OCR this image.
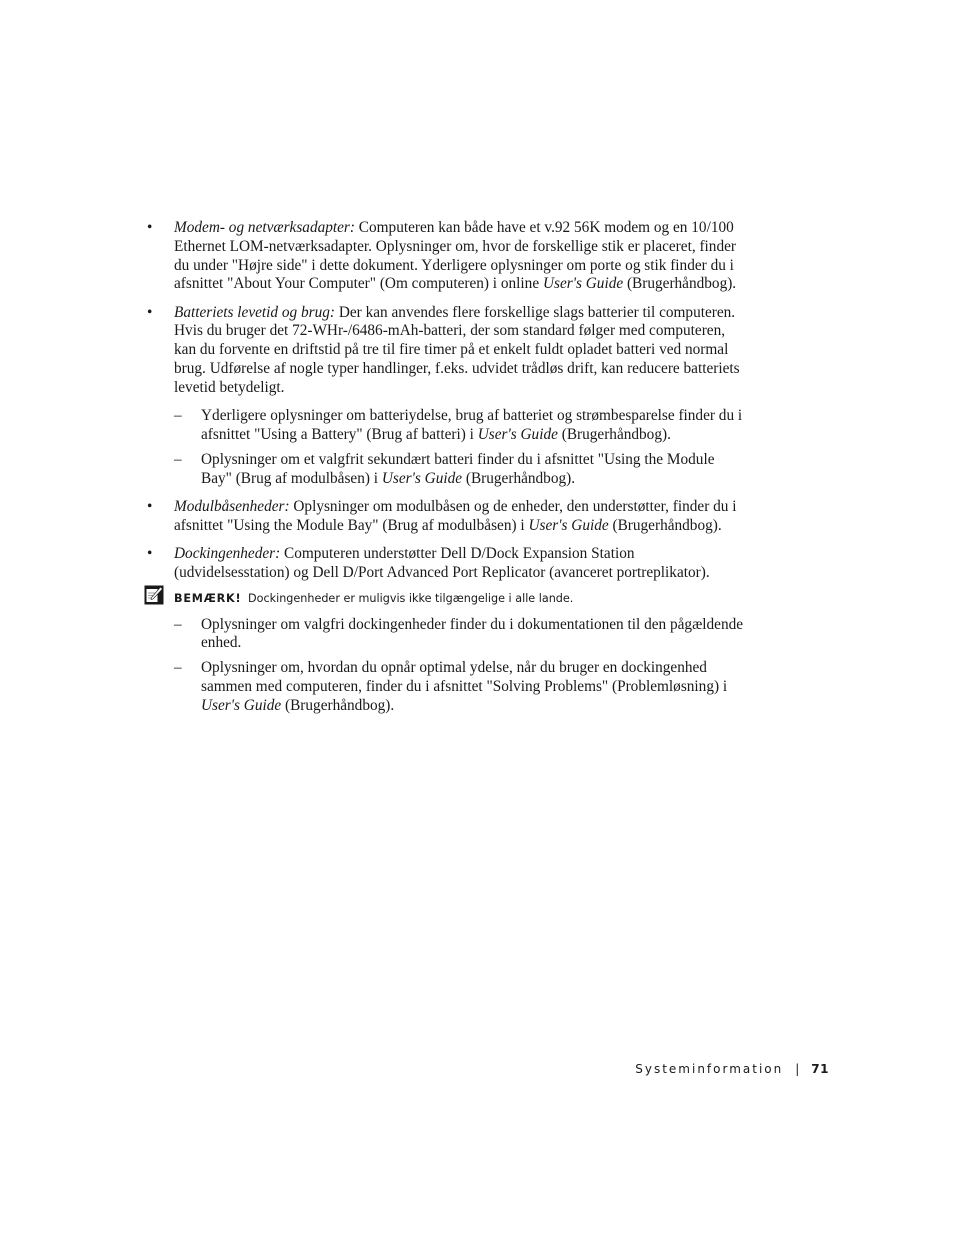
•	Modem- og netværksadapter: Computeren kan både have et v.92 56K modem og en 10/100 Ethernet LOM-netværksadapter. Oplysninger om, hvor de forskellige stik er placeret, finder du under "Højre side" i dette dokument. Yderligere oplysninger om porte og stik finder du i afsnittet "About Your Computer" (Om computeren) i online User's Guide (Brugerhåndbog).
•	Batteriets levetid og brug: Der kan anvendes flere forskellige slags batterier til computeren. Hvis du bruger det 72-WHr-/6486-mAh-batteri, der som standard følger med computeren, kan du forvente en driftstid på tre til fire timer på et enkelt fuldt opladet batteri ved normal brug. Udførelse af nogle typer handlinger, f.eks. udvidet trådløs drift, kan reducere batteriets levetid betydeligt.
– Yderligere oplysninger om batteriydelse, brug af batteriet og strømbesparelse finder du i afsnittet "Using a Battery" (Brug af batteri) i User's Guide (Brugerhåndbog).
– Oplysninger om et valgfrit sekundært batteri finder du i afsnittet "Using the Module Bay" (Brug af modulbåsen) i User's Guide (Brugerhåndbog).
•	Modulbåsenheder: Oplysninger om modulbåsen og de enheder, den understøtter, finder du i afsnittet "Using the Module Bay" (Brug af modulbåsen) i User's Guide (Brugerhåndbog).
•	Dockingenheder: Computeren understøtter Dell D/Dock Expansion Station (udvidelsesstation) og Dell D/Port Advanced Port Replicator (avanceret portreplikator).
BEMÆRK! Dockingenheder er muligvis ikke tilgængelige i alle lande.
– Oplysninger om valgfri dockingenheder finder du i dokumentationen til den pågældende enhed.
– Oplysninger om, hvordan du opnår optimal ydelse, når du bruger en dockingenhed sammen med computeren, finder du i afsnittet "Solving Problems" (Problemløsning) i User's Guide (Brugerhåndbog).
Systeminformation | 71
